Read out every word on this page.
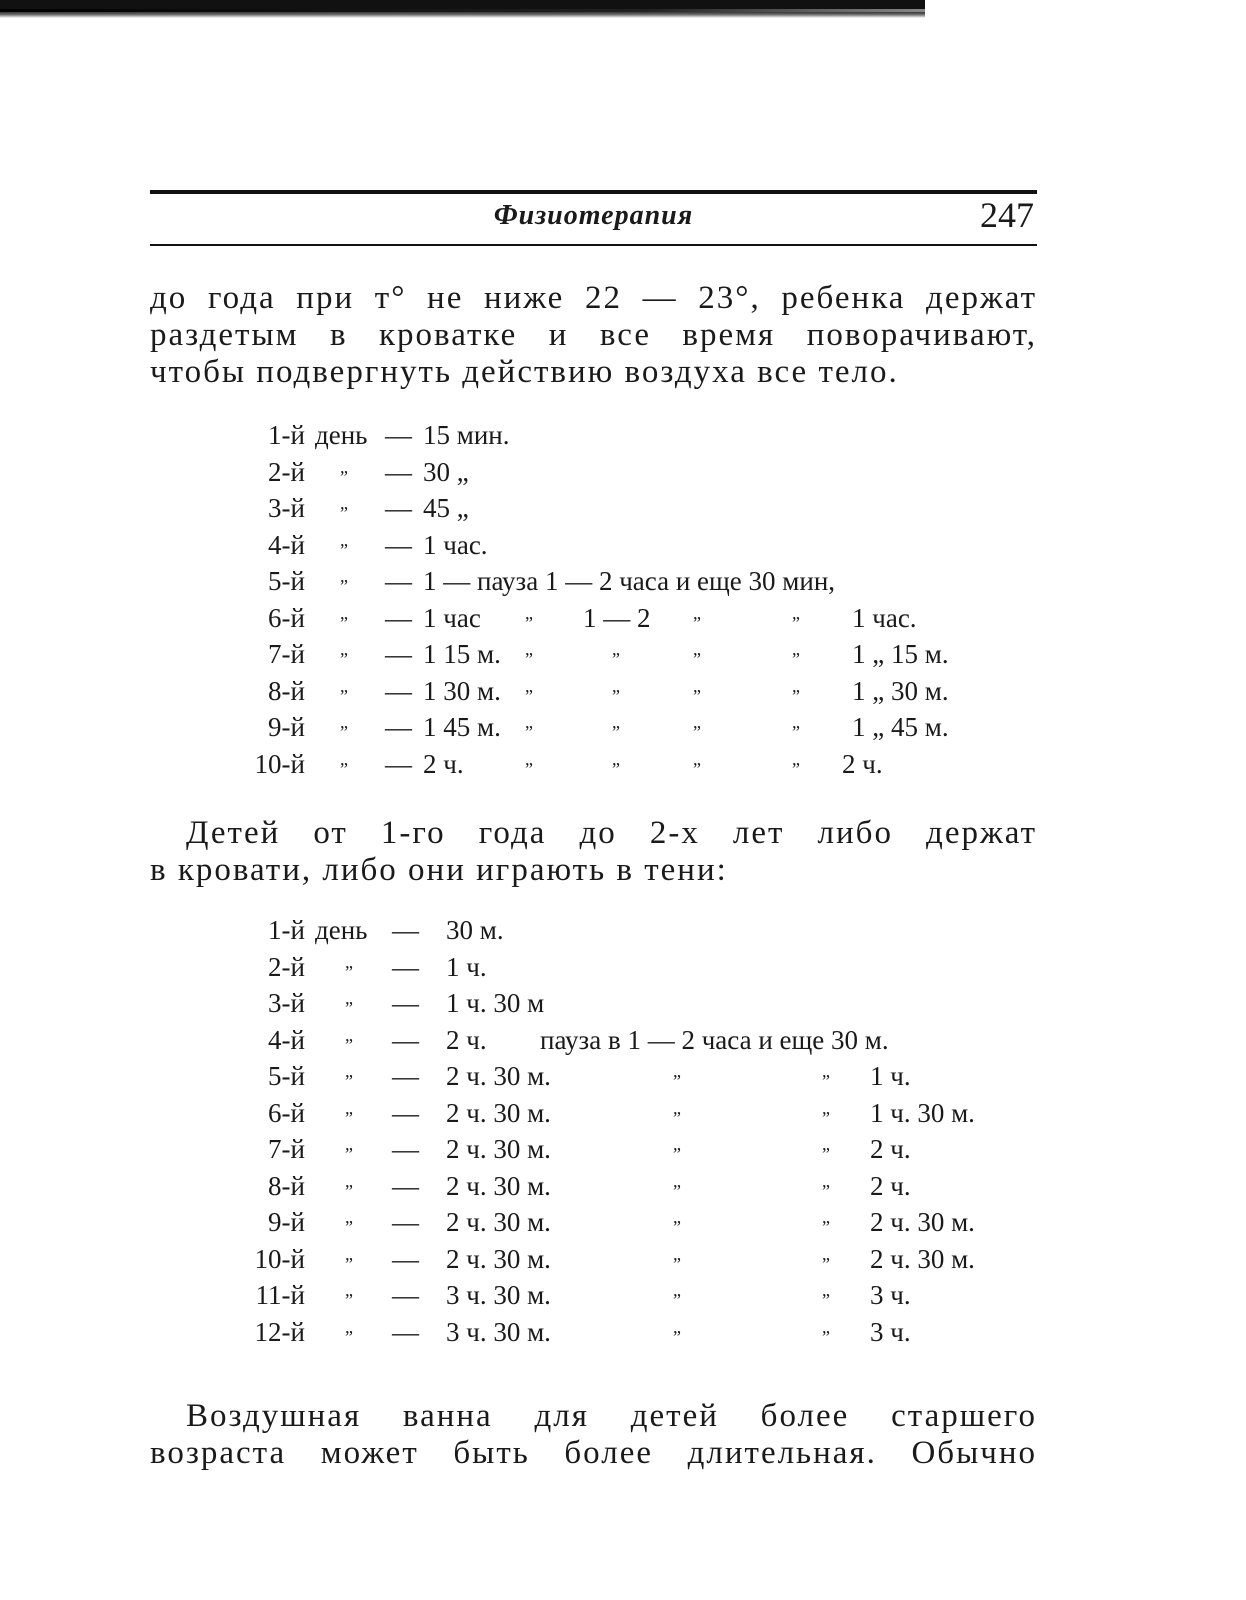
Физиотерапия	247
до года при т° не ниже 22 — 23°, ребенка держат
раздетым в кроватке и все время поворачивают,
чтобы подвергнуть действию воздуха все тело.
1-й день — 15 мин.
2-й „ — 30 „
3-й „ — 45 „
4-й „ — 1 час.
5-й „ — 1 — пауза 1 — 2 часа и еще 30 мин,
6-й „ — 1 час „ 1 — 2 „	„ 1 час.
7-й „ — 1 15 м. „	„	„	„ 1 „ 15 м.
8-й „ — 1 30 м. „	„	„	„ 1 „ 30 м.
9-й „ — 1 45 м. „	„	„	„ 1 „ 45 м.
10-й „ — 2 ч.	„	„	„	„ 2 ч.
Детей от 1-го года до 2-х лет либо держат
в кровати, либо они играють в тени:
1-й день — 30 м.
2-й „ — 1 ч.
3-й „ — 1 ч. 30 м
4-й „ — 2 ч. пауза в 1 — 2 часа и еще 30 м.
5-й „ — 2 ч. 30 м.	„	„ 1 ч.
6-й „ — 2 ч. 30 м.	„	„ 1 ч. 30 м.
7-й „ — 2 ч. 30 м.	„	„ 2 ч.
8-й „ — 2 ч. 30 м.	„	„ 2 ч.
9-й „ — 2 ч. 30 м.	„	„ 2 ч. 30 м.
10-й „ — 2 ч. 30 м.	„	„ 2 ч. 30 м.
11-й „ — 3 ч. 30 м.	„	„ 3 ч.
12-й „ — 3 ч. 30 м.	„	„ 3 ч.
Воздушная ванна для детей более старшего
возраста может быть более длительная. Обычно
